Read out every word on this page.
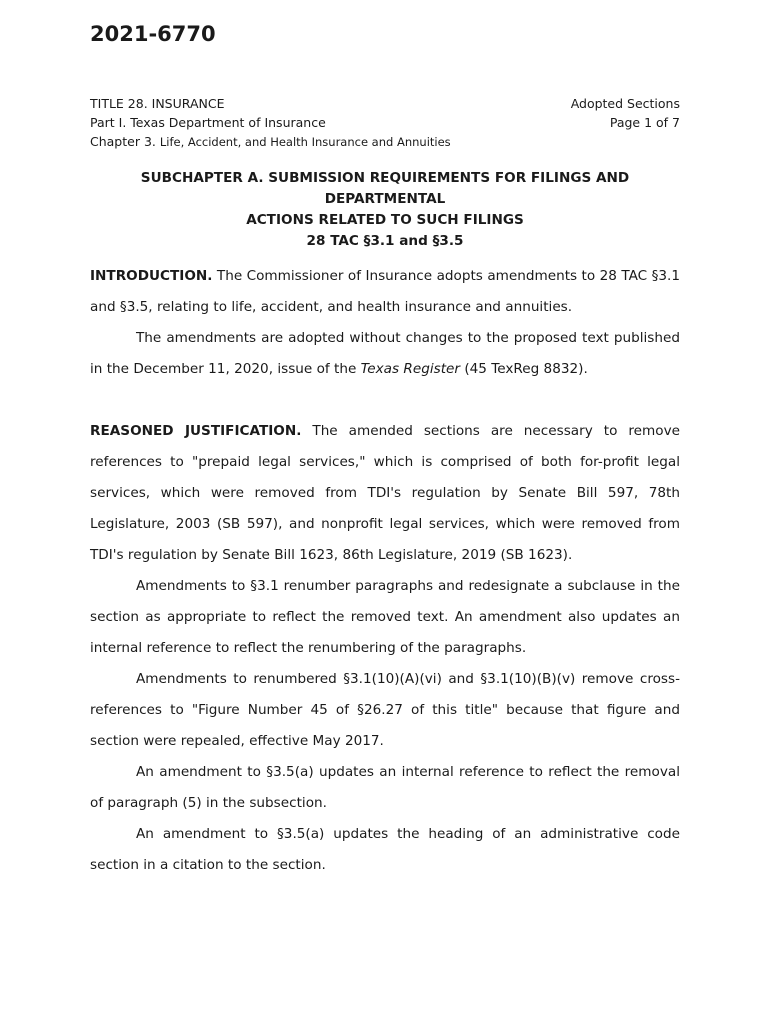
2021-6770
TITLE 28. INSURANCE
Part I. Texas Department of Insurance
Chapter 3. Life, Accident, and Health Insurance and Annuities
Adopted Sections
Page 1 of 7
SUBCHAPTER A. SUBMISSION REQUIREMENTS FOR FILINGS AND DEPARTMENTAL
ACTIONS RELATED TO SUCH FILINGS
28 TAC §3.1 and §3.5

INTRODUCTION. The Commissioner of Insurance adopts amendments to 28 TAC §3.1 and §3.5, relating to life, accident, and health insurance and annuities.

The amendments are adopted without changes to the proposed text published in the December 11, 2020, issue of the Texas Register (45 TexReg 8832).

REASONED JUSTIFICATION. The amended sections are necessary to remove references to "prepaid legal services," which is comprised of both for-profit legal services, which were removed from TDI's regulation by Senate Bill 597, 78th Legislature, 2003 (SB 597), and nonprofit legal services, which were removed from TDI's regulation by Senate Bill 1623, 86th Legislature, 2019 (SB 1623).

Amendments to §3.1 renumber paragraphs and redesignate a subclause in the section as appropriate to reflect the removed text. An amendment also updates an internal reference to reflect the renumbering of the paragraphs.

Amendments to renumbered §3.1(10)(A)(vi) and §3.1(10)(B)(v) remove cross-references to "Figure Number 45 of §26.27 of this title" because that figure and section were repealed, effective May 2017.

An amendment to §3.5(a) updates an internal reference to reflect the removal of paragraph (5) in the subsection.

An amendment to §3.5(a) updates the heading of an administrative code section in a citation to the section.
